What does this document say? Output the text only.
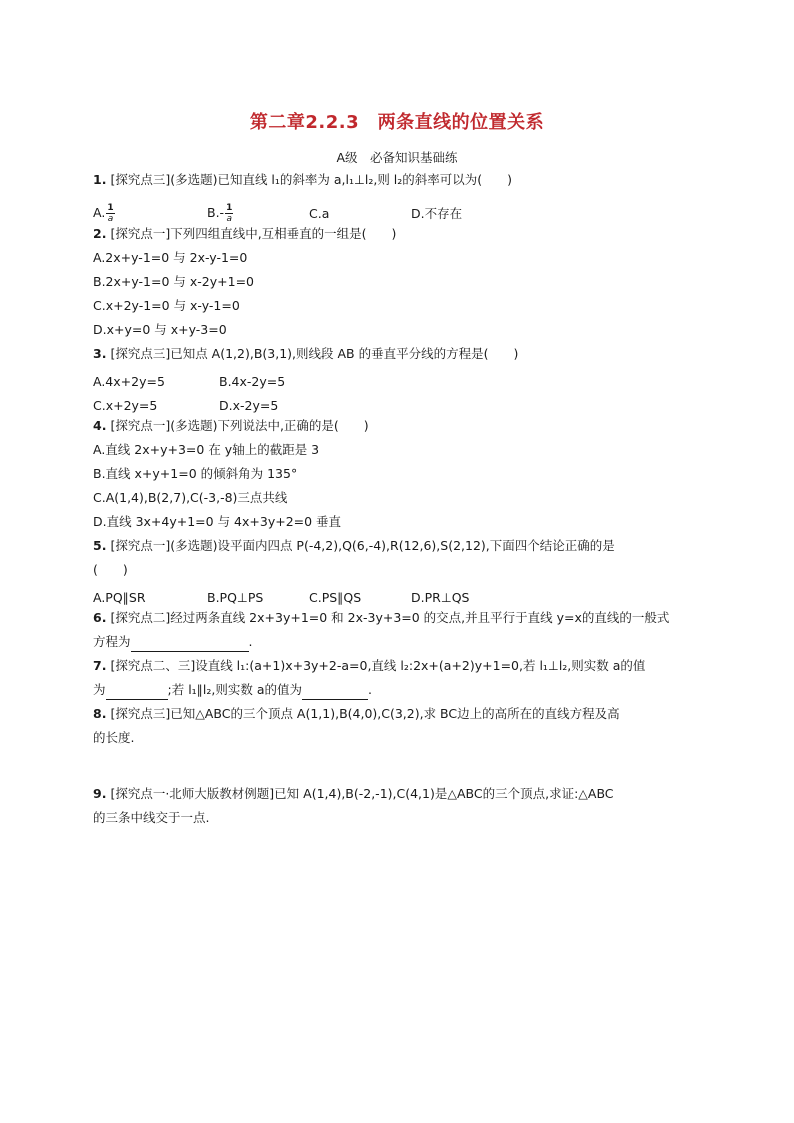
第二章2.2.3　两条直线的位置关系
A级　必备知识基础练
1. [探究点三](多选题)已知直线 l₁的斜率为 a,l₁⊥l₂,则 l₂的斜率可以为(　　)
A. $\frac{1}{a}$	$B.- \frac{1}{a}$	C.a	D.不存在
2. [探究点一]下列四组直线中,互相垂直的一组是(　　)
A.2x+y-1=0 与 2x-y-1=0
B.2x+y-1=0 与 x-2y+1=0
C.x+2y-1=0 与 x-y-1=0
D.x+y=0 与 x+y-3=0
3. [探究点三]已知点 A(1,2),B(3,1),则线段 AB 的垂直平分线的方程是(　　)
A.4x+2y=5	B.4x-2y=5
C.x+2y=5	D.x-2y=5
4. [探究点一](多选题)下列说法中,正确的是(　　)
A.直线 2x+y+3=0 在 y轴上的截距是 3
B.直线 x+y+1=0 的倾斜角为 135°
C.A(1,4),B(2,7),C(-3,-8)三点共线
D.直线 3x+4y+1=0 与 4x+3y+2=0 垂直
5. [探究点一](多选题)设平面内四点 P(-4,2),Q(6,-4),R(12,6),S(2,12),下面四个结论正确的是
(　　)
A.PQ∥SR	B.PQ⊥PS	C.PS∥QS	D.PR⊥QS
6. [探究点二]经过两条直线 2x+3y+1=0 和 2x-3y+3=0 的交点,并且平行于直线 y=x的直线的一般式
方程为	.
7. [探究点二、三]设直线 l₁:(a+1)x+3y+2-a=0,直线 l₂:2x+(a+2)y+1=0,若 l₁⊥l₂,则实数 a的值
为	;若 l₁∥l₂,则实数 a的值为	.
8. [探究点三]已知△ABC的三个顶点 A(1,1),B(4,0),C(3,2),求 BC边上的高所在的直线方程及高
的长度.
9. [探究点一·北师大版教材例题]已知 A(1,4),B(-2,-1),C(4,1)是△ABC的三个顶点,求证:△ABC
的三条中线交于一点.
